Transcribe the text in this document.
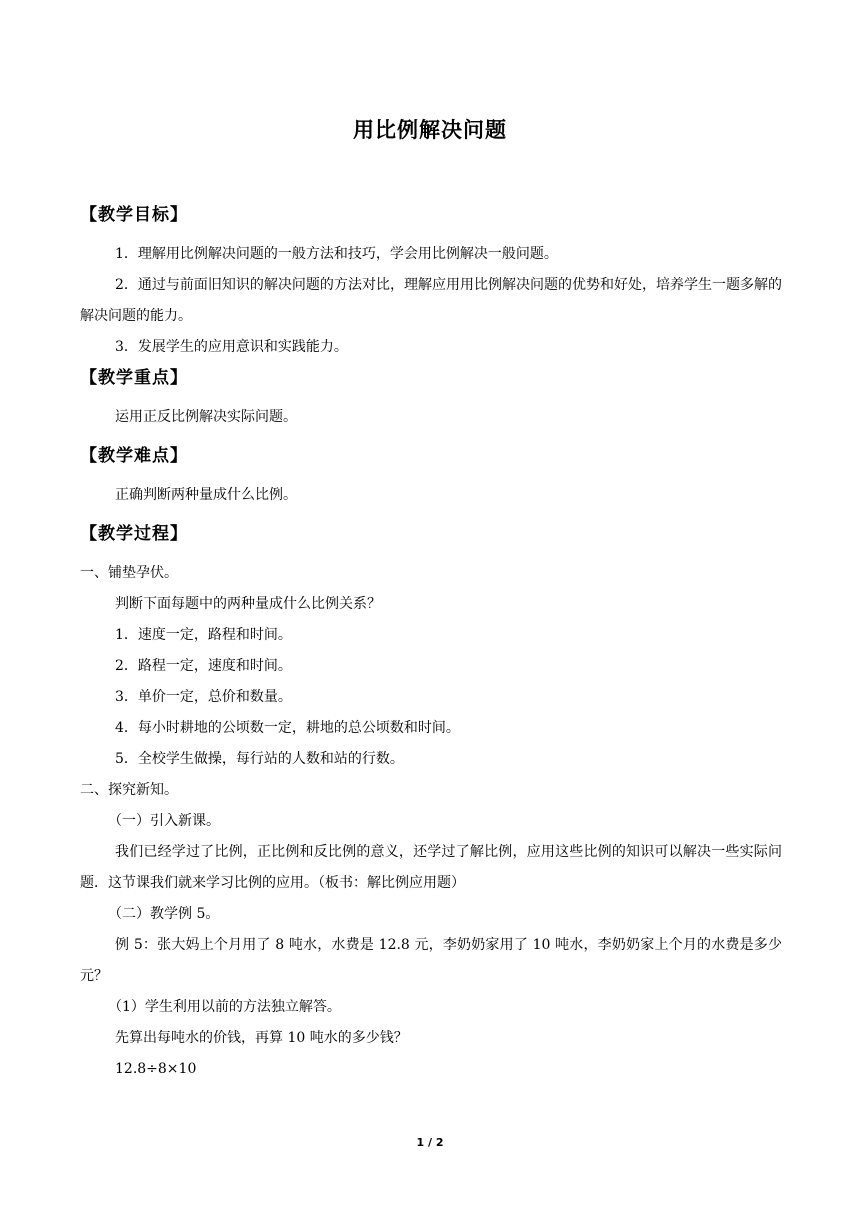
用比例解决问题
【教学目标】

1．理解用比例解决问题的一般方法和技巧，学会用比例解决一般问题。

2．通过与前面旧知识的解决问题的方法对比，理解应用用比例解决问题的优势和好处，培养学生一题多解的解决问题的能力。

3．发展学生的应用意识和实践能力。

【教学重点】

运用正反比例解决实际问题。

【教学难点】

正确判断两种量成什么比例。

【教学过程】

一、铺垫孕伏。

判断下面每题中的两种量成什么比例关系？

1．速度一定，路程和时间。

2．路程一定，速度和时间。

3．单价一定，总价和数量。

4．每小时耕地的公顷数一定，耕地的总公顷数和时间。

5．全校学生做操，每行站的人数和站的行数。

二、探究新知。

（一）引入新课。

我们已经学过了比例，正比例和反比例的意义，还学过了解比例，应用这些比例的知识可以解决一些实际问题．这节课我们就来学习比例的应用。（板书：解比例应用题）

（二）教学例 5。

例 5：张大妈上个月用了 8 吨水，水费是 12.8 元，李奶奶家用了 10 吨水，李奶奶家上个月的水费是多少元？

（1）学生利用以前的方法独立解答。

先算出每吨水的价钱，再算 10 吨水的多少钱？

12.8÷8×10

1 / 2
